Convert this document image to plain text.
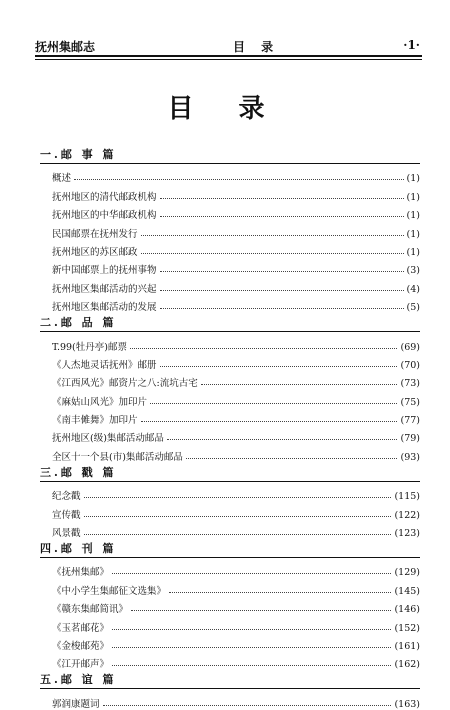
抚州集邮志	目 录	·1·
目 录
一.邮 事 篇
概述	(1)
抚州地区的清代邮政机构	(1)
抚州地区的中华邮政机构	(1)
民国邮票在抚州发行	(1)
抚州地区的苏区邮政	(1)
新中国邮票上的抚州事物	(3)
抚州地区集邮活动的兴起	(4)
抚州地区集邮活动的发展	(5)
二.邮 品 篇
T.99(牡丹亭)邮票	(69)
《人杰地灵话抚州》邮册	(70)
《江西风光》邮资片之八:流坑古宅	(73)
《麻姑山风光》加印片	(75)
《南丰傩舞》加印片	(77)
抚州地区(级)集邮活动邮品	(79)
全区十一个县(市)集邮活动邮品	(93)
三.邮 戳 篇
纪念戳	(115)
宣传戳	(122)
风景戳	(123)
四.邮 刊 篇
《抚州集邮》	(129)
《中小学生集邮征文选集》	(145)
《赣东集邮简讯》	(146)
《玉茗邮花》	(152)
《金梭邮苑》	(161)
《江开邮声》	(162)
五.邮 谊 篇
郭润康题词	(163)
